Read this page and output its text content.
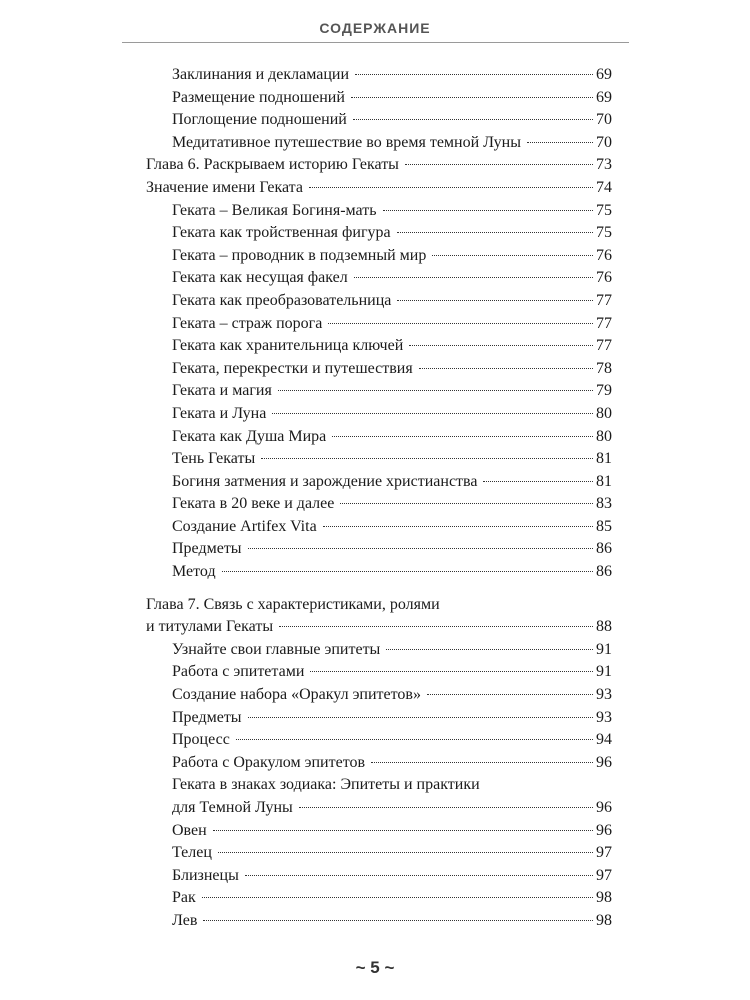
СОДЕРЖАНИЕ
Заклинания и декламации	69
Размещение подношений	69
Поглощение подношений	70
Медитативное путешествие во время темной Луны	70
Глава 6. Раскрываем историю Гекаты	73
Значение имени Геката	74
Геката – Великая Богиня-мать	75
Геката как тройственная фигура	75
Геката – проводник в подземный мир	76
Геката как несущая факел	76
Геката как преобразовательница	77
Геката – страж порога	77
Геката как хранительница ключей	77
Геката, перекрестки и путешествия	78
Геката и магия	79
Геката и Луна	80
Геката как Душа Мира	80
Тень Гекаты	81
Богиня затмения и зарождение христианства	81
Геката в 20 веке и далее	83
Создание Artifex Vita	85
Предметы	86
Метод	86
Глава 7. Связь с характеристиками, ролями
и титулами Гекаты	88
Узнайте свои главные эпитеты	91
Работа с эпитетами	91
Создание набора «Оракул эпитетов»	93
Предметы	93
Процесс	94
Работа с Оракулом эпитетов	96
Геката в знаках зодиака: Эпитеты и практики
для Темной Луны	96
Овен	96
Телец	97
Близнецы	97
Рак	98
Лев	98
~ 5 ~
